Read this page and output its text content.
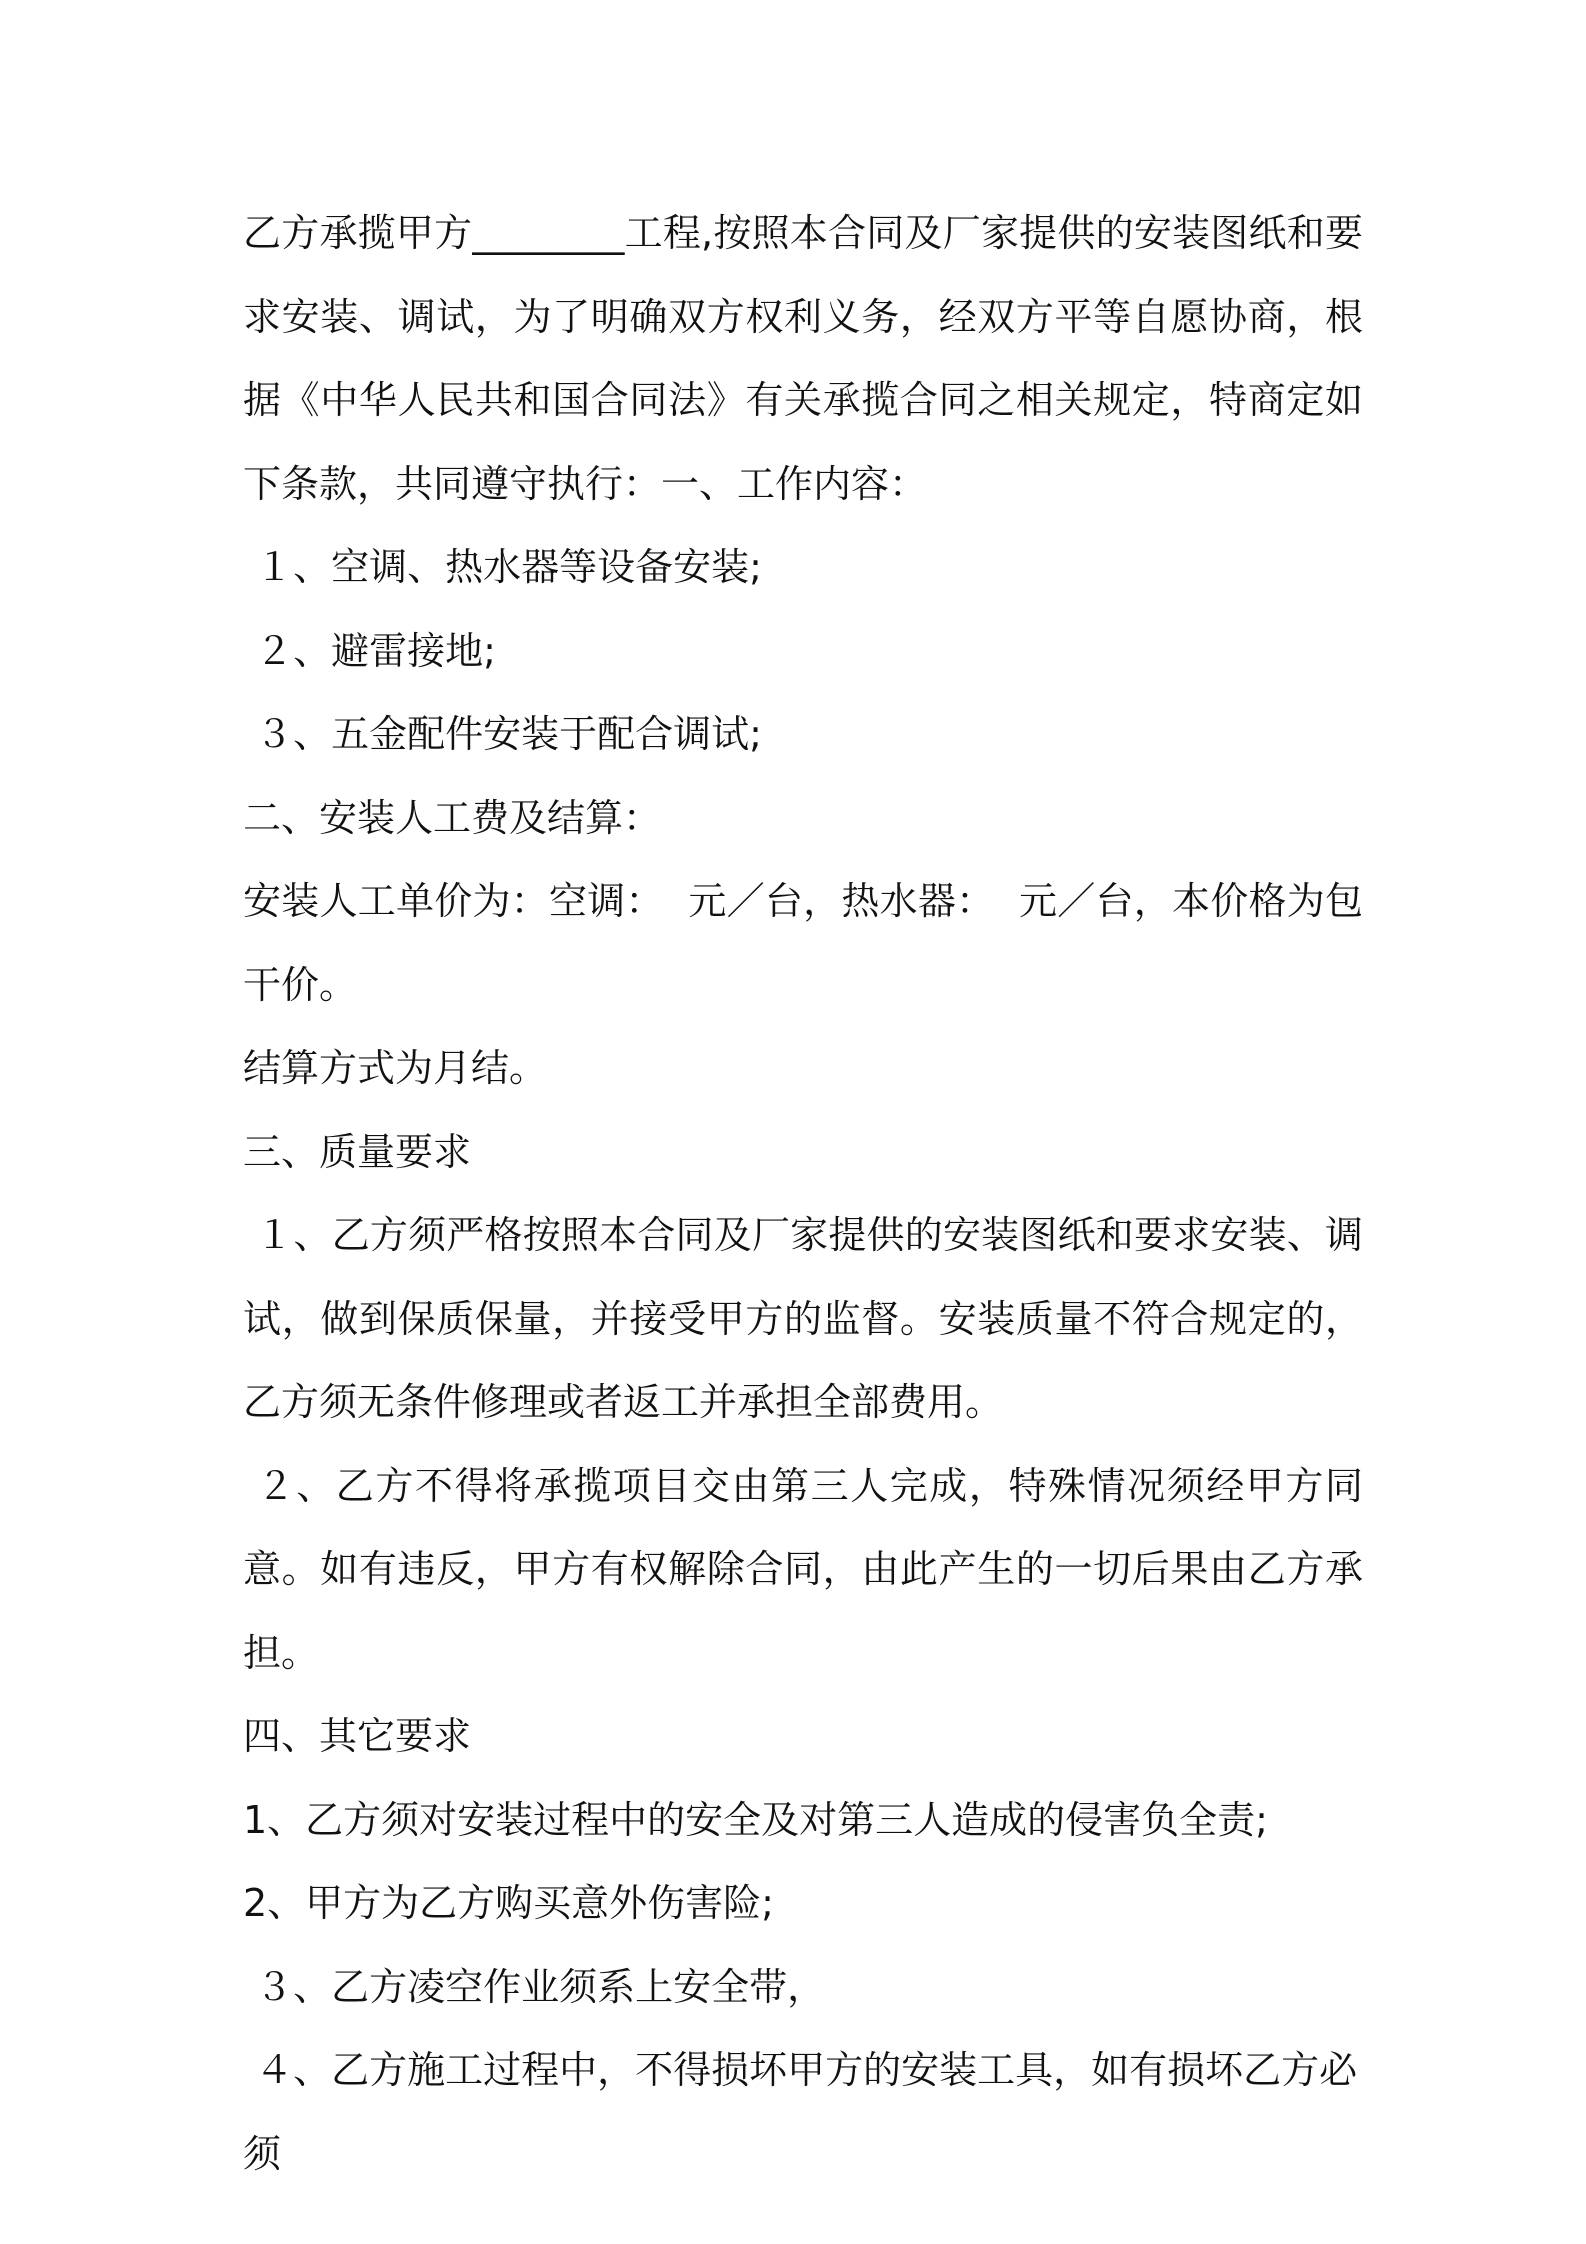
乙方承揽甲方________工程,按照本合同及厂家提供的安装图纸和要求安装、调试，为了明确双方权利义务，经双方平等自愿协商，根据《中华人民共和国合同法》有关承揽合同之相关规定，特商定如下条款，共同遵守执行：一、工作内容：

１、空调、热水器等设备安装;

２、避雷接地;

３、五金配件安装于配合调试;

二、安装人工费及结算：

安装人工单价为：空调：  元／台，热水器：  元／台，本价格为包干价。

结算方式为月结。

三、质量要求

１、乙方须严格按照本合同及厂家提供的安装图纸和要求安装、调试，做到保质保量，并接受甲方的监督。安装质量不符合规定的，乙方须无条件修理或者返工并承担全部费用。

２、乙方不得将承揽项目交由第三人完成，特殊情况须经甲方同意。如有违反，甲方有权解除合同，由此产生的一切后果由乙方承担。

四、其它要求

1、乙方须对安装过程中的安全及对第三人造成的侵害负全责;

2、甲方为乙方购买意外伤害险;

３、乙方凌空作业须系上安全带，

４、乙方施工过程中，不得损坏甲方的安装工具，如有损坏乙方必须
